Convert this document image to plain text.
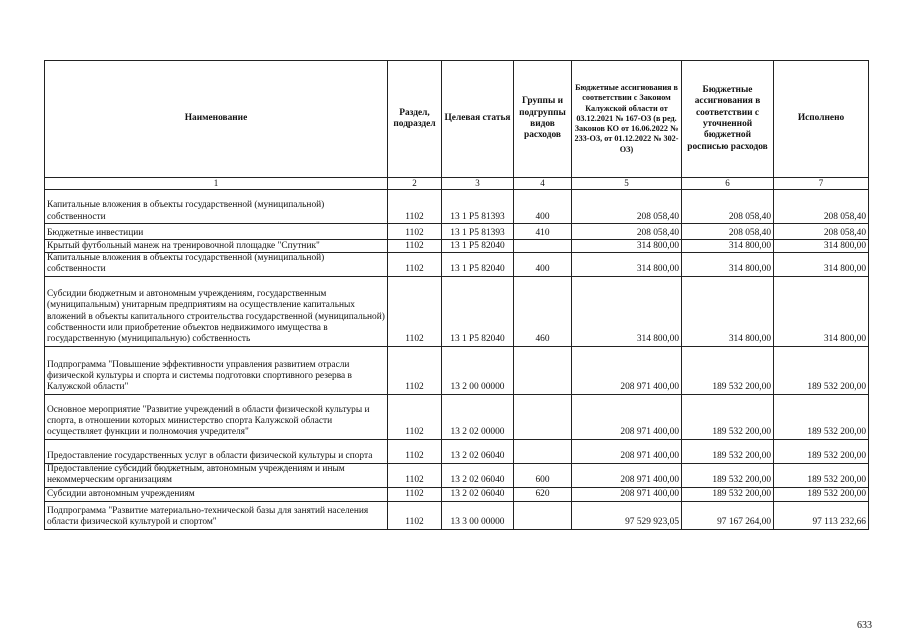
Наименование	Раздел, подраздел	Целевая статья	Группы и подгруппы видов расходов	Бюджетные ассигнования в соответствии с Законом Калужской области от 03.12.2021 № 167-ОЗ (в ред. Законов КО от 16.06.2022 № 233-ОЗ, от 01.12.2022 № 302-ОЗ)	Бюджетные ассигнования в соответствии с уточненной бюджетной росписью расходов	Исполнено
1	2	3	4	5	6	7
Капитальные вложения в объекты государственной (муниципальной) собственности	1102	13 1 Р5 81393	400	208 058,40	208 058,40	208 058,40
Бюджетные инвестиции	1102	13 1 Р5 81393	410	208 058,40	208 058,40	208 058,40
Крытый футбольный манеж на тренировочной площадке "Спутник"	1102	13 1 Р5 82040		314 800,00	314 800,00	314 800,00
Капитальные вложения в объекты государственной (муниципальной) собственности	1102	13 1 Р5 82040	400	314 800,00	314 800,00	314 800,00
Субсидии бюджетным и автономным учреждениям, государственным (муниципальным) унитарным предприятиям на осуществление капитальных вложений в объекты капитального строительства государственной (муниципальной) собственности или приобретение объектов недвижимого имущества в государственную (муниципальную) собственность	1102	13 1 Р5 82040	460	314 800,00	314 800,00	314 800,00
Подпрограмма "Повышение эффективности управления развитием отрасли физической культуры и спорта и системы подготовки спортивного резерва в Калужской области"	1102	13 2 00 00000		208 971 400,00	189 532 200,00	189 532 200,00
Основное мероприятие "Развитие учреждений в области физической культуры и спорта, в отношении которых министерство спорта Калужской области осуществляет функции и полномочия учредителя"	1102	13 2 02 00000		208 971 400,00	189 532 200,00	189 532 200,00
Предоставление государственных услуг в области физической культуры и спорта	1102	13 2 02 06040		208 971 400,00	189 532 200,00	189 532 200,00
Предоставление субсидий бюджетным, автономным учреждениям и иным некоммерческим организациям	1102	13 2 02 06040	600	208 971 400,00	189 532 200,00	189 532 200,00
Субсидии автономным учреждениям	1102	13 2 02 06040	620	208 971 400,00	189 532 200,00	189 532 200,00
Подпрограмма "Развитие материально-технической базы для занятий населения области физической культурой и спортом"	1102	13 3 00 00000		97 529 923,05	97 167 264,00	97 113 232,66
633
